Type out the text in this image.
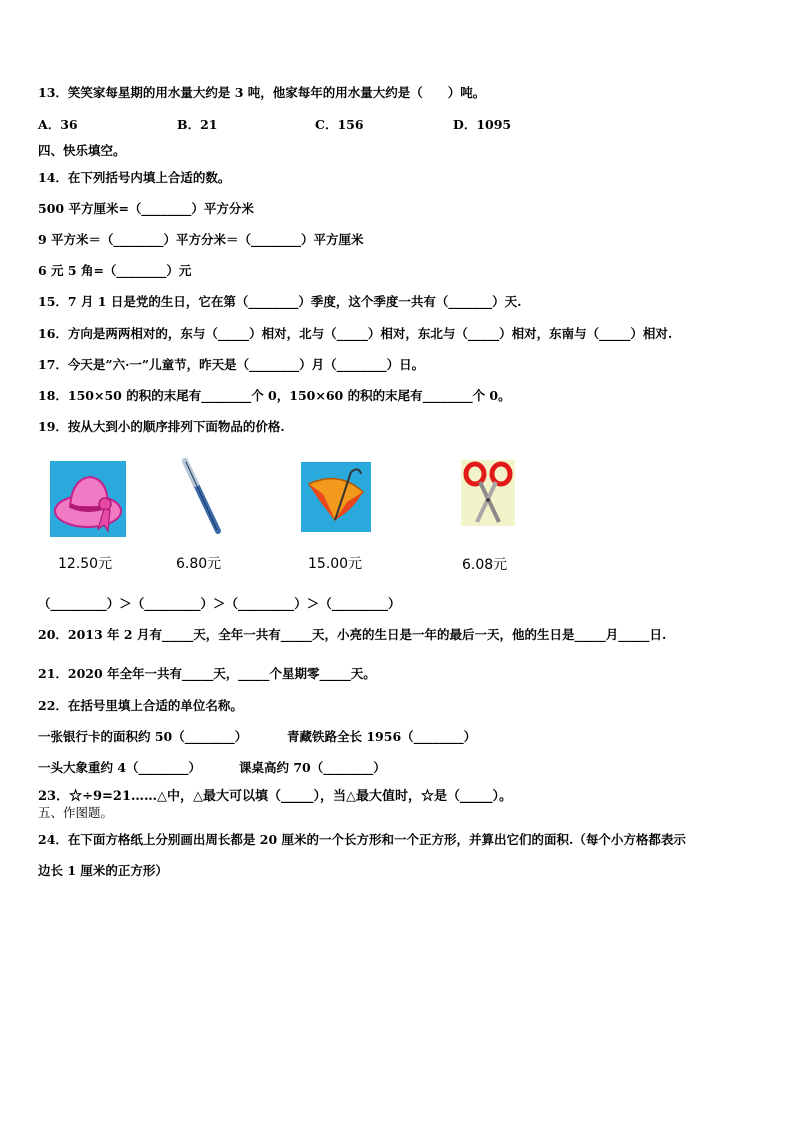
13．笑笑家每星期的用水量大约是 3 吨，他家每年的用水量大约是（　　）吨。
A．36	B．21	C．156	D．1095
四、快乐填空。
14．在下列括号内填上合适的数。
500 平方厘米=（________）平方分米
9 平方米＝（________）平方分米＝（________）平方厘米
6 元 5 角=（________）元
15．7 月 1 日是党的生日，它在第（________）季度，这个季度一共有（_______）天.
16．方向是两两相对的，东与（_____）相对，北与（_____）相对，东北与（_____）相对，东南与（_____）相对.
17．今天是”六·一”儿童节，昨天是（________）月（________）日。
18．150×50 的积的末尾有________个 0，150×60 的积的末尾有________个 0。
19．按从大到小的顺序排列下面物品的价格.
12.50元	6.80元	15.00元	6.08元
（_________）＞（_________）＞（_________）＞（_________）
20．2013 年 2 月有_____天，全年一共有_____天，小亮的生日是一年的最后一天，他的生日是_____月_____日.
21．2020 年全年一共有_____天，_____个星期零_____天。
22．在括号里填上合适的单位名称。
一张银行卡的面积约 50（________）	青藏铁路全长 1956（________）
一头大象重约 4（________）	课桌高约 70（________）
23．☆÷9=21……△中，△最大可以填（_____），当△最大值时，☆是（_____）。
五、作图题。
24．在下面方格纸上分别画出周长都是 20 厘米的一个长方形和一个正方形，并算出它们的面积.（每个小方格都表示
边长 1 厘米的正方形）
